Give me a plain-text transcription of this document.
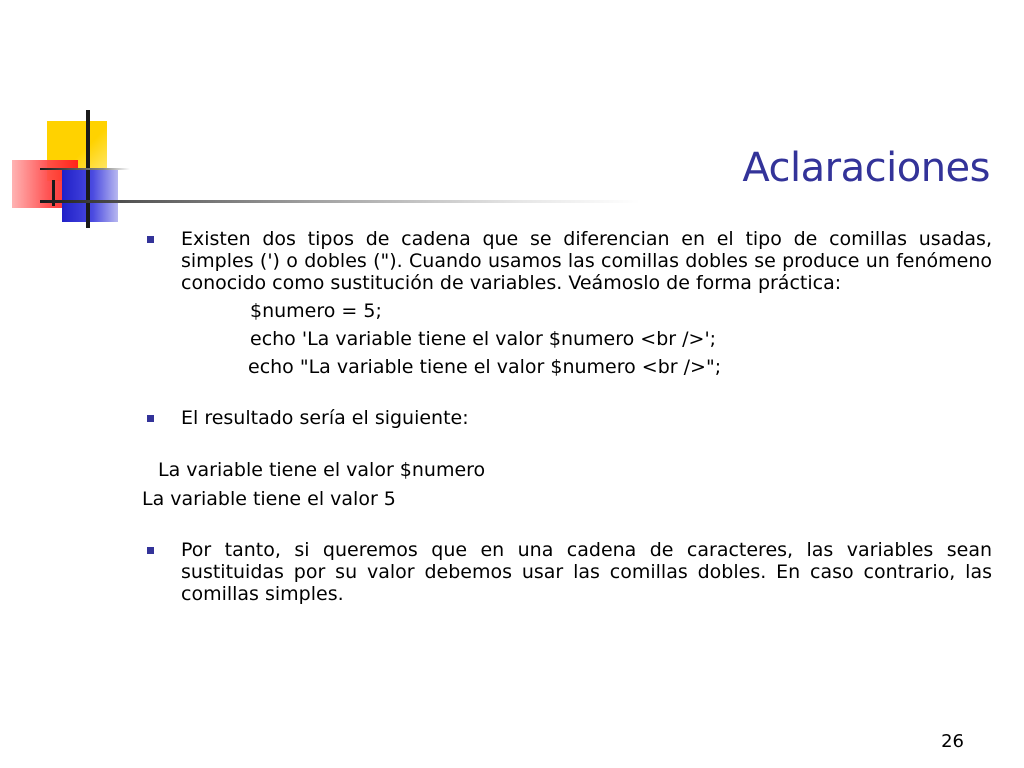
Aclaraciones
Existen dos tipos de cadena que se diferencian en el tipo de comillas usadas, simples (') o dobles ("). Cuando usamos las comillas dobles se produce un fenómeno conocido como sustitución de variables. Veámoslo de forma práctica:
$numero = 5;
echo 'La variable tiene el valor $numero <br />';
echo "La variable tiene el valor $numero <br />";
El resultado sería el siguiente:
La variable tiene el valor $numero
La variable tiene el valor 5
Por tanto, si queremos que en una cadena de caracteres, las variables sean sustituidas por su valor debemos usar las comillas dobles. En caso contrario, las comillas simples.
26
